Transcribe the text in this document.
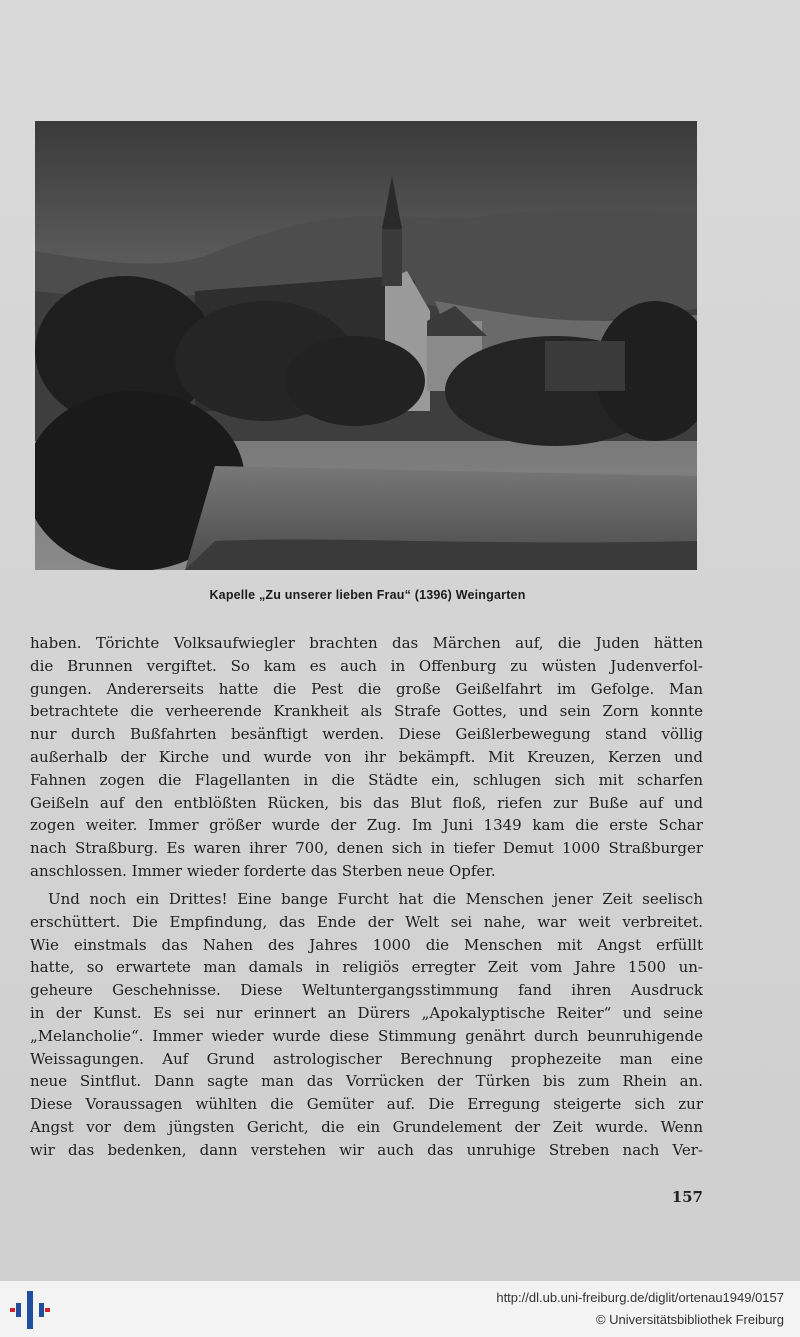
Kapelle „Zu unserer lieben Frau“ (1396) Weingarten
haben. Törichte Volksaufwiegler brachten das Märchen auf, die Juden hätten
die Brunnen vergiftet. So kam es auch in Offenburg zu wüsten Judenverfol-
gungen. Andererseits hatte die Pest die große Geißelfahrt im Gefolge. Man
betrachtete die verheerende Krankheit als Strafe Gottes, und sein Zorn konnte
nur durch Bußfahrten besänftigt werden. Diese Geißlerbewegung stand völlig
außerhalb der Kirche und wurde von ihr bekämpft. Mit Kreuzen, Kerzen und
Fahnen zogen die Flagellanten in die Städte ein, schlugen sich mit scharfen
Geißeln auf den entblößten Rücken, bis das Blut floß, riefen zur Buße auf und
zogen weiter. Immer größer wurde der Zug. Im Juni 1349 kam die erste Schar
nach Straßburg. Es waren ihrer 700, denen sich in tiefer Demut 1000 Straßburger
anschlossen. Immer wieder forderte das Sterben neue Opfer.
Und noch ein Drittes! Eine bange Furcht hat die Menschen jener Zeit seelisch
erschüttert. Die Empfindung, das Ende der Welt sei nahe, war weit verbreitet.
Wie einstmals das Nahen des Jahres 1000 die Menschen mit Angst erfüllt
hatte, so erwartete man damals in religiös erregter Zeit vom Jahre 1500 un-
geheure Geschehnisse. Diese Weltuntergangsstimmung fand ihren Ausdruck
in der Kunst. Es sei nur erinnert an Dürers „Apokalyptische Reiter“ und seine
„Melancholie“. Immer wieder wurde diese Stimmung genährt durch beunruhigende
Weissagungen. Auf Grund astrologischer Berechnung prophezeite man eine
neue Sintflut. Dann sagte man das Vorrücken der Türken bis zum Rhein an.
Diese Voraussagen wühlten die Gemüter auf. Die Erregung steigerte sich zur
Angst vor dem jüngsten Gericht, die ein Grundelement der Zeit wurde. Wenn
wir das bedenken, dann verstehen wir auch das unruhige Streben nach Ver-
157
http://dl.ub.uni-freiburg.de/diglit/ortenau1949/0157
© Universitätsbibliothek Freiburg
